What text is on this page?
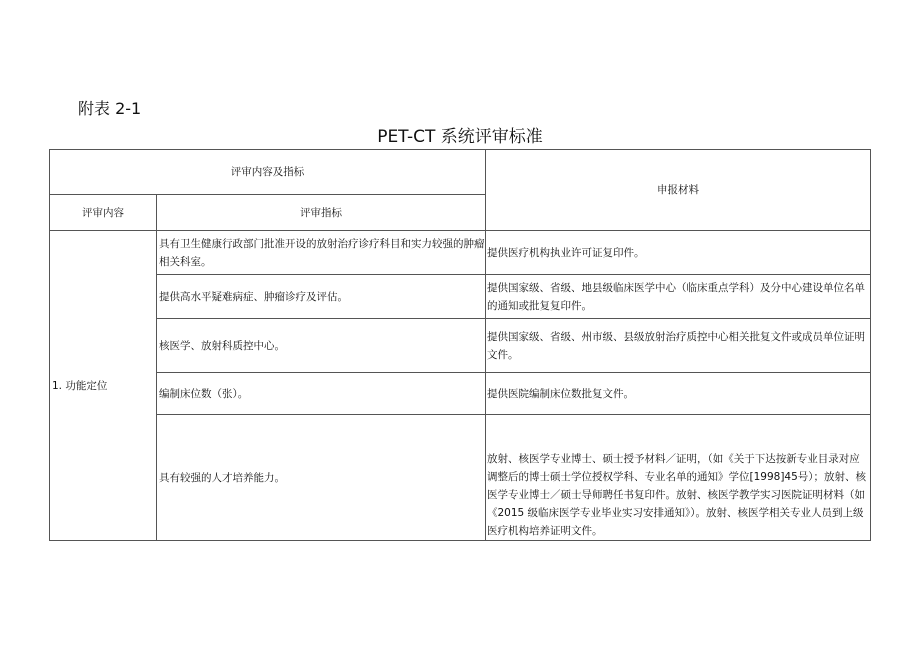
附表 2-1
PET-CT 系统评审标准
评审内容及指标		申报材料
评审内容	评审指标	
1. 功能定位	具有卫生健康行政部门批准开设的放射治疗诊疗科目和实力较强的肿瘤相关科室。	提供医疗机构执业许可证复印件。
	提供高水平疑难病症、肿瘤诊疗及评估。	提供国家级、省级、地县级临床医学中心（临床重点学科）及分中心建设单位名单的通知或批复复印件。
	核医学、放射科质控中心。	提供国家级、省级、州市级、县级放射治疗质控中心相关批复文件或成员单位证明文件。
	编制床位数（张）。	提供医院编制床位数批复文件。
	具有较强的人才培养能力。	放射、核医学专业博士、硕士授予材料／证明，（如《关于下达按新专业目录对应调整后的博士硕士学位授权学科、专业名单的通知》学位[1998]45号）；放射、核医学专业博士／硕士导师聘任书复印件。放射、核医学教学实习医院证明材料（如《2015 级临床医学专业毕业实习安排通知》）。放射、核医学相关专业人员到上级医疗机构培养证明文件。
